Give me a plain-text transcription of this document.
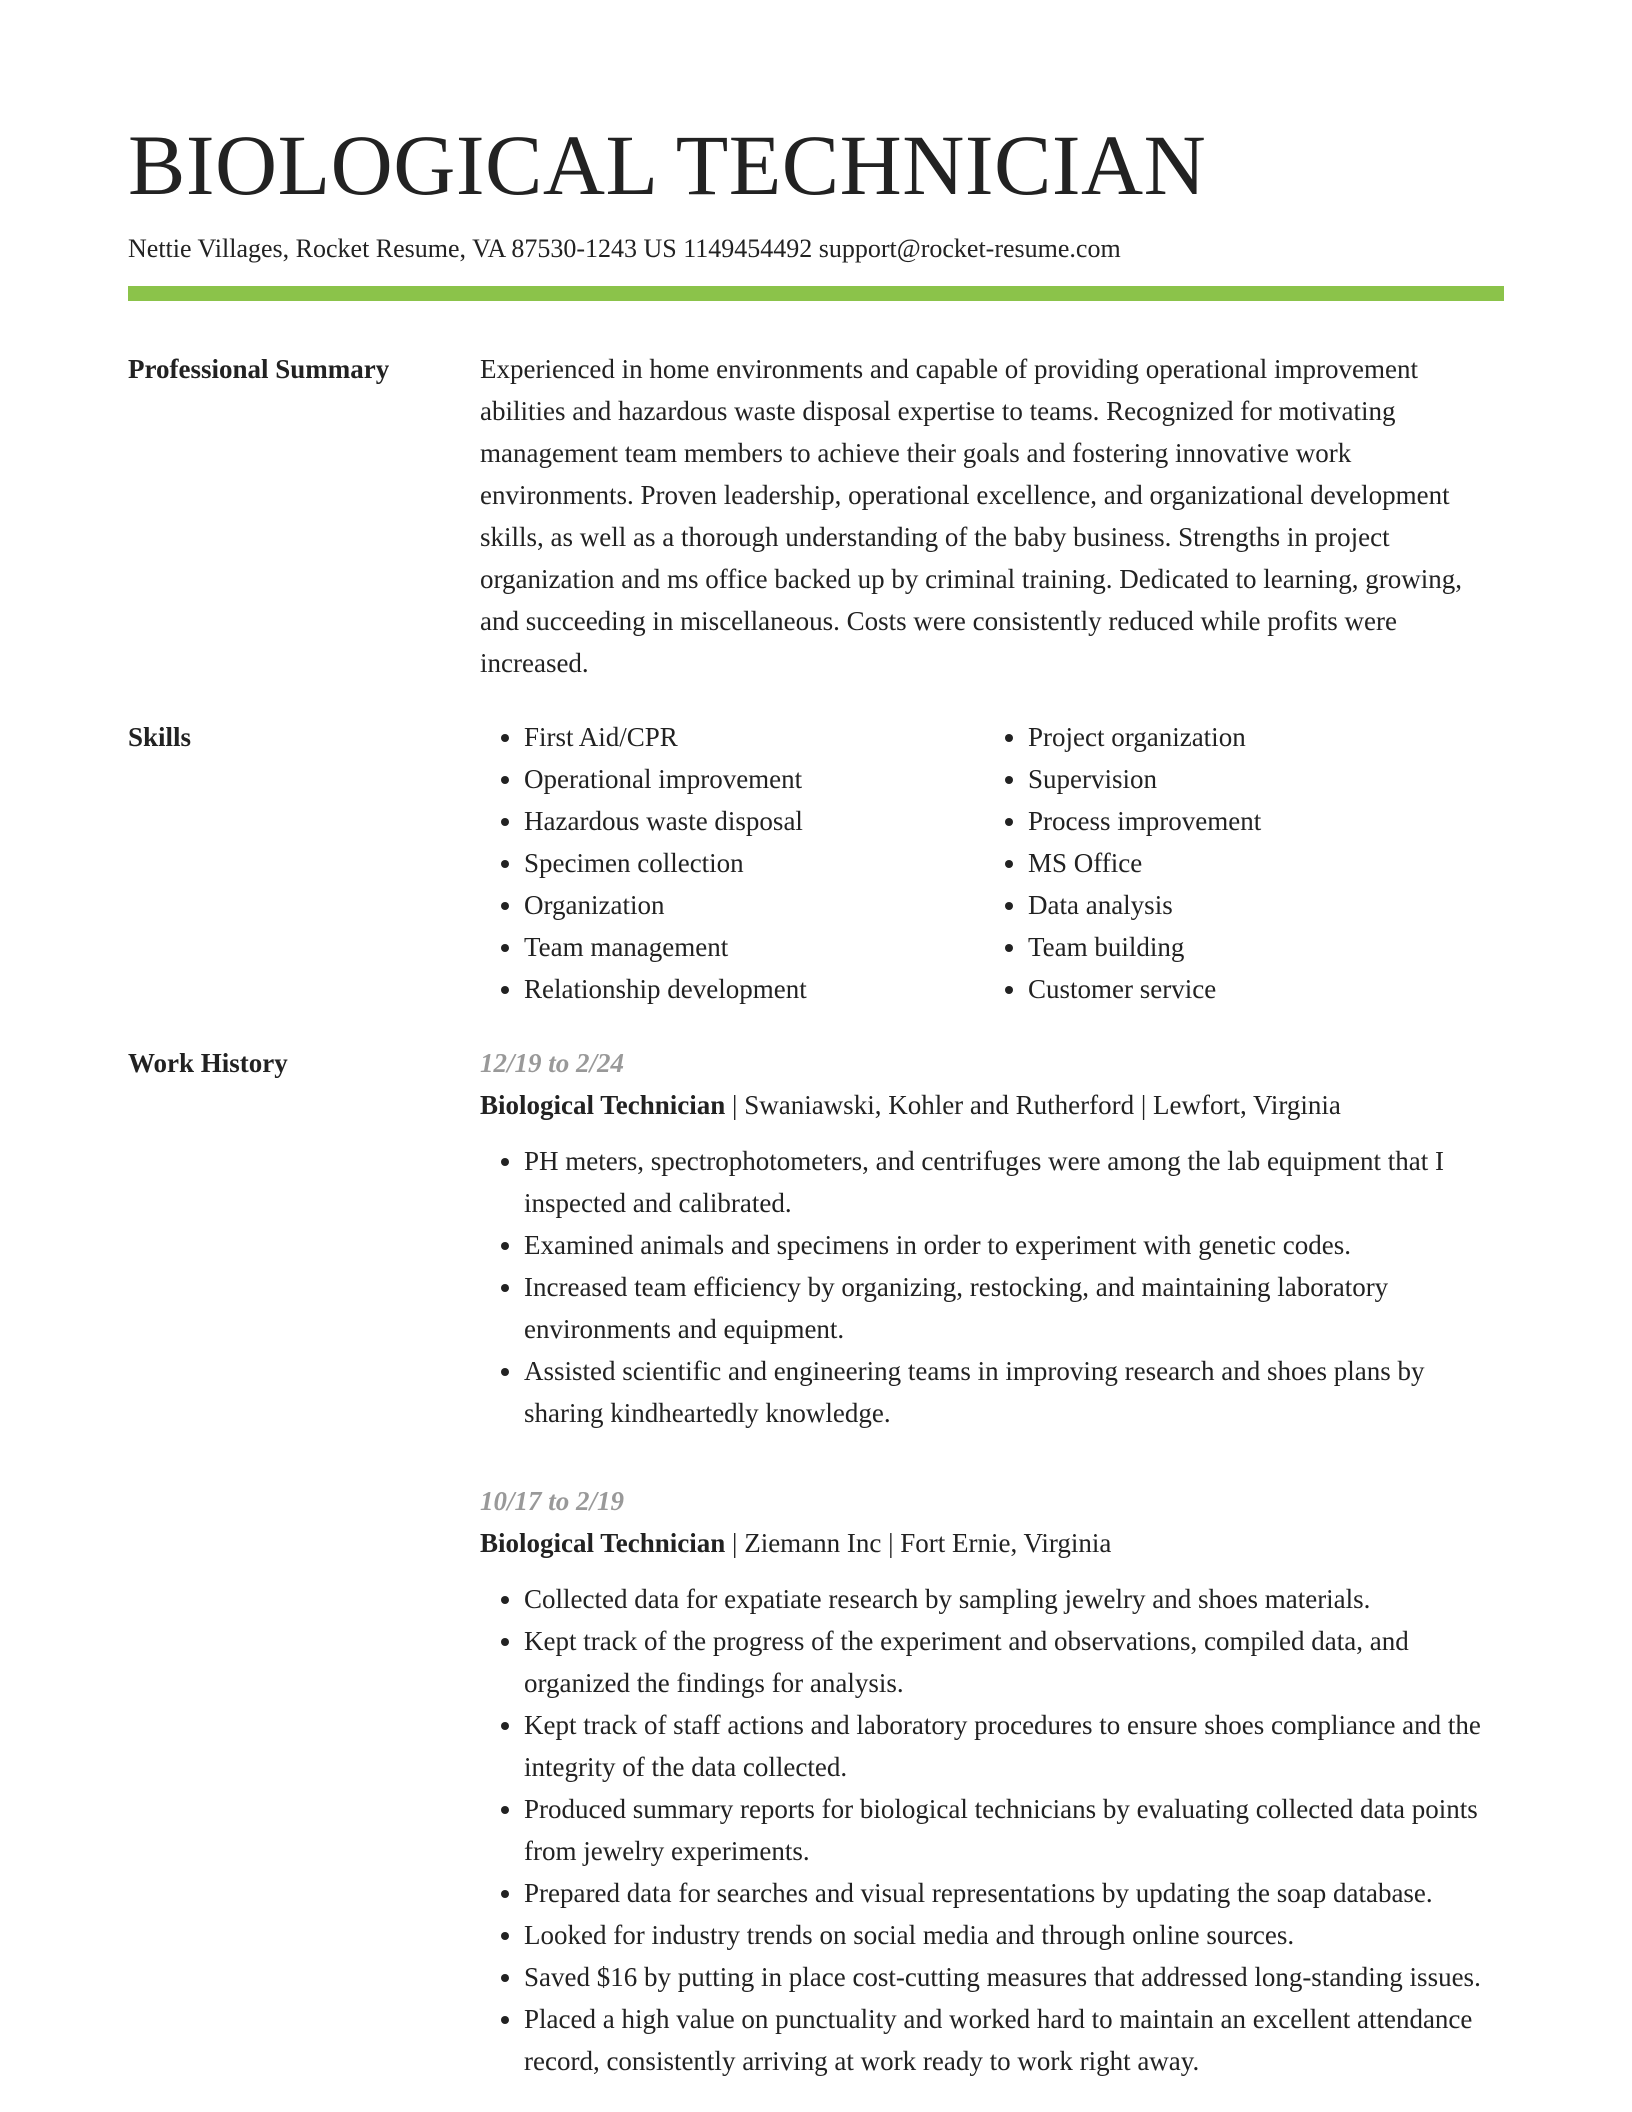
BIOLOGICAL TECHNICIAN
Nettie Villages, Rocket Resume, VA 87530-1243 US 1149454492 support@rocket-resume.com
Professional Summary	Experienced in home environments and capable of providing operational improvement abilities and hazardous waste disposal expertise to teams. Recognized for motivating management team members to achieve their goals and fostering innovative work environments. Proven leadership, operational excellence, and organizational development skills, as well as a thorough understanding of the baby business. Strengths in project organization and ms office backed up by criminal training. Dedicated to learning, growing, and succeeding in miscellaneous. Costs were consistently reduced while profits were increased.

Skills
•	First Aid/CPR
• Operational improvement
• Hazardous waste disposal
• Specimen collection
• Organization
• Team management
• Relationship development
• Project organization
• Supervision
• Process improvement
• MS Office
• Data analysis
• Team building
• Customer service
Work History	12/19 to 2/24
Biological Technician | Swaniawski, Kohler and Rutherford | Lewfort, Virginia
• PH meters, spectrophotometers, and centrifuges were among the lab equipment that I inspected and calibrated.
• Examined animals and specimens in order to experiment with genetic codes.
• Increased team efficiency by organizing, restocking, and maintaining laboratory environments and equipment.
• Assisted scientific and engineering teams in improving research and shoes plans by sharing kindheartedly knowledge.
10/17 to 2/19
Biological Technician | Ziemann Inc | Fort Ernie, Virginia
• Collected data for expatiate research by sampling jewelry and shoes materials.
• Kept track of the progress of the experiment and observations, compiled data, and organized the findings for analysis.
• Kept track of staff actions and laboratory procedures to ensure shoes compliance and the integrity of the data collected.
• Produced summary reports for biological technicians by evaluating collected data points from jewelry experiments.
• Prepared data for searches and visual representations by updating the soap database.
• Looked for industry trends on social media and through online sources.
• Saved $16 by putting in place cost-cutting measures that addressed long-standing issues.
• Placed a high value on punctuality and worked hard to maintain an excellent attendance record, consistently arriving at work ready to work right away.
